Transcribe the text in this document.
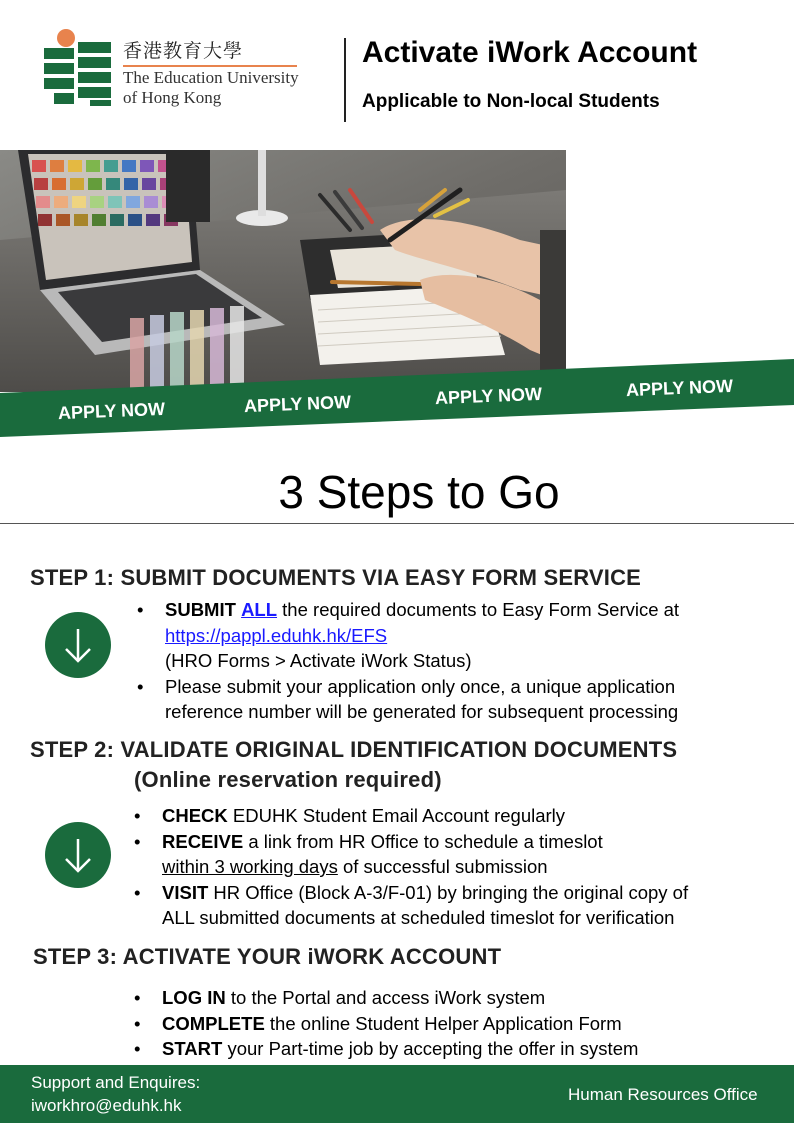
香港教育大學
The Education University
of Hong Kong
Activate iWork Account
Applicable to Non-local Students
APPLY NOW	APPLY NOW	APPLY NOW	APPLY NOW
3 Steps to Go
STEP 1: SUBMIT DOCUMENTS VIA EASY FORM SERVICE
• SUBMIT ALL the required documents to Easy Form Service at
https://pappl.eduhk.hk/EFS
(HRO Forms > Activate iWork Status)
• Please submit your application only once, a unique application
reference number will be generated for subsequent processing
STEP 2: VALIDATE ORIGINAL IDENTIFICATION DOCUMENTS
(Online reservation required)
• CHECK EDUHK Student Email Account regularly
• RECEIVE a link from HR Office to schedule a timeslot
within 3 working days of successful submission
• VISIT HR Office (Block A-3/F-01) by bringing the original copy of
ALL submitted documents at scheduled timeslot for verification
STEP 3: ACTIVATE YOUR iWORK ACCOUNT
• LOG IN to the Portal and access iWork system
• COMPLETE the online Student Helper Application Form
• START your Part-time job by accepting the offer in system
Support and Enquires:
iworkhro@eduhk.hk
Human Resources Office
